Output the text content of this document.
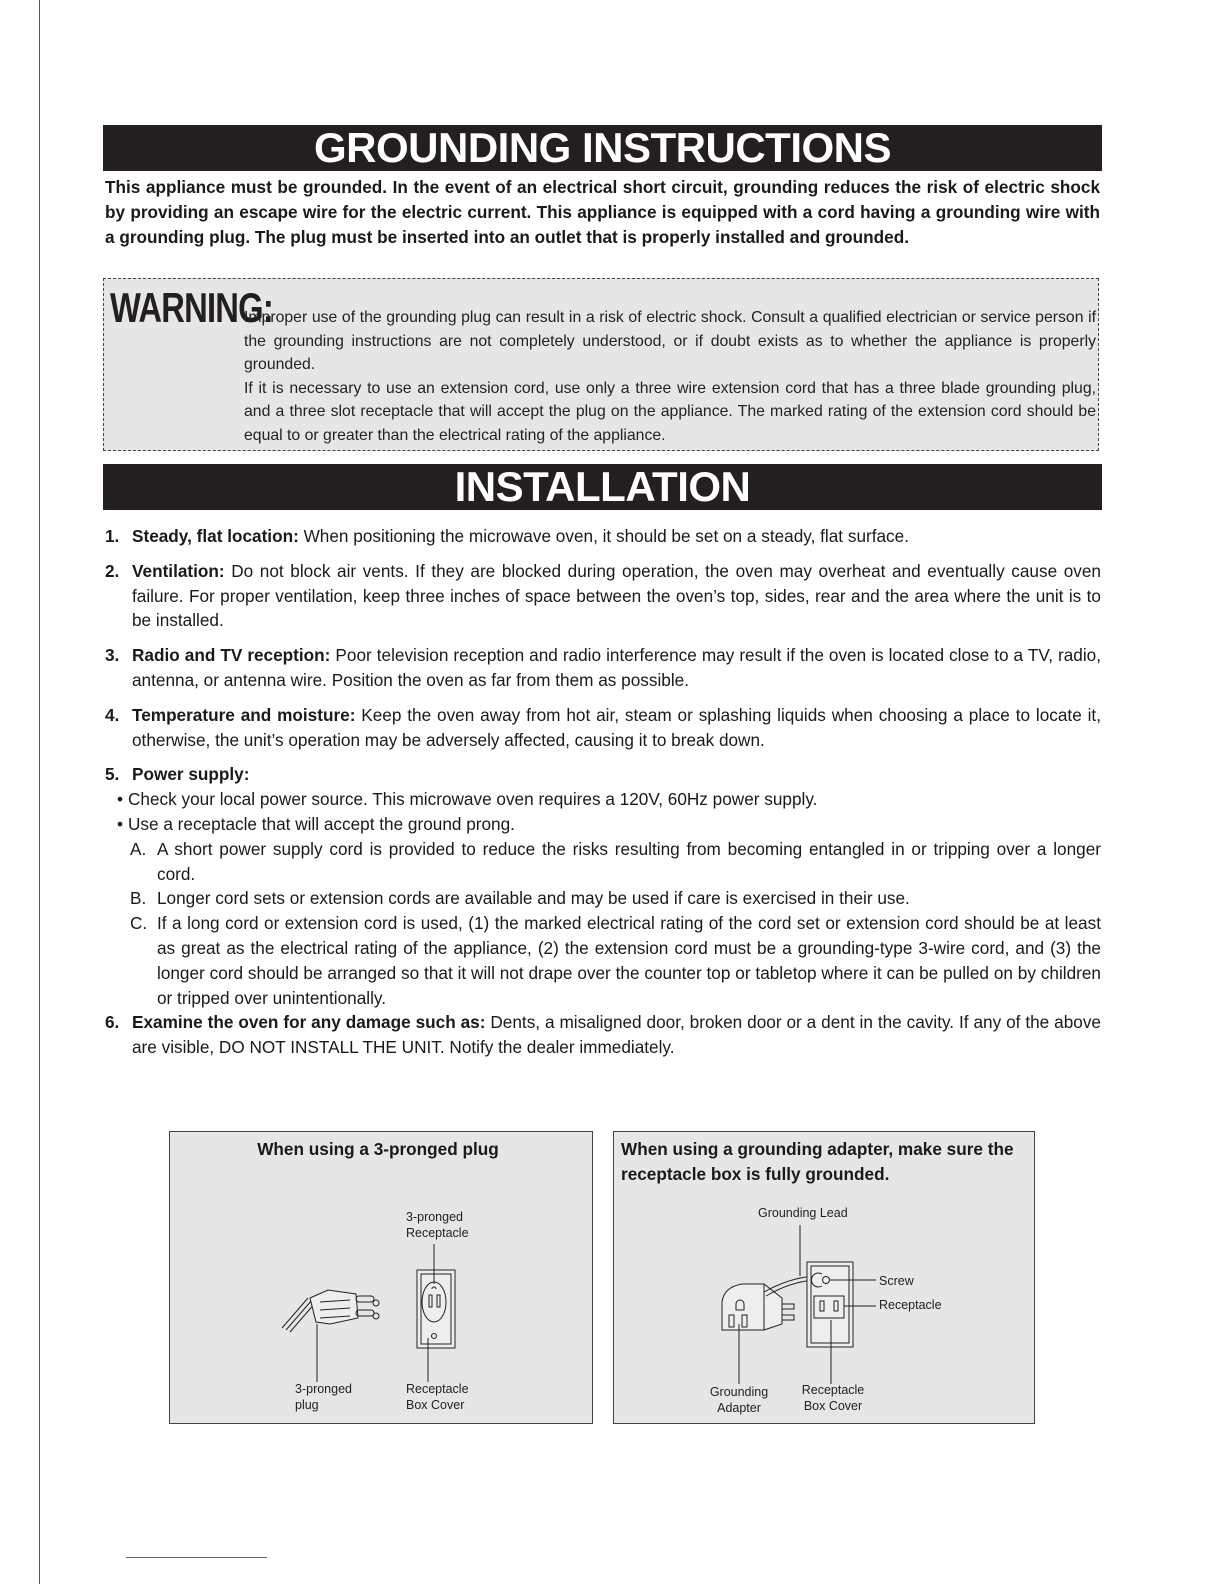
GROUNDING INSTRUCTIONS

This appliance must be grounded. In the event of an electrical short circuit, grounding reduces the risk of electric shock by providing an escape wire for the electric current. This appliance is equipped with a cord having a grounding wire with a grounding plug. The plug must be inserted into an outlet that is properly installed and grounded.

WARNING:

Improper use of the grounding plug can result in a risk of electric shock. Consult a qualified electrician or service person if the grounding instructions are not completely understood, or if doubt exists as to whether the appliance is properly grounded.

If it is necessary to use an extension cord, use only a three wire extension cord that has a three blade grounding plug, and a three slot receptacle that will accept the plug on the appliance. The marked rating of the extension cord should be equal to or greater than the electrical rating of the appliance.

INSTALLATION
1. Steady, flat location: When positioning the microwave oven, it should be set on a steady, flat surface.

2. Ventilation: Do not block air vents. If they are blocked during operation, the oven may overheat and eventually cause oven failure. For proper ventilation, keep three inches of space between the oven’s top, sides, rear and the area where the unit is to be installed.

3. Radio and TV reception: Poor television reception and radio interference may result if the oven is located close to a TV, radio, antenna, or antenna wire. Position the oven as far from them as possible.

4. Temperature and moisture: Keep the oven away from hot air, steam or splashing liquids when choosing a place to locate it, otherwise, the unit’s operation may be adversely affected, causing it to break down.

5. Power supply:

• Check your local power source. This microwave oven requires a 120V, 60Hz power supply.

• Use a receptacle that will accept the ground prong.

A. A short power supply cord is provided to reduce the risks resulting from becoming entangled in or tripping over a longer cord.
B. Longer cord sets or extension cords are available and may be used if care is exercised in their use.
C. If a long cord or extension cord is used, (1) the marked electrical rating of the cord set or extension cord should be at least as great as the electrical rating of the appliance, (2) the extension cord must be a grounding-type 3-wire cord, and (3) the longer cord should be arranged so that it will not drape over the counter top or tabletop where it can be pulled on by children or tripped over unintentionally.
6. Examine the oven for any damage such as: Dents, a misaligned door, broken door or a dent in the cavity. If any of the above are visible, DO NOT INSTALL THE UNIT. Notify the dealer immediately.

When using a 3-pronged plug
3-pronged
Receptacle
3-pronged
plug
Receptacle
Box Cover
When using a grounding adapter, make sure the receptacle box is fully grounded.
Grounding Lead
Screw
Receptacle
Grounding
Adapter
Receptacle
Box Cover
